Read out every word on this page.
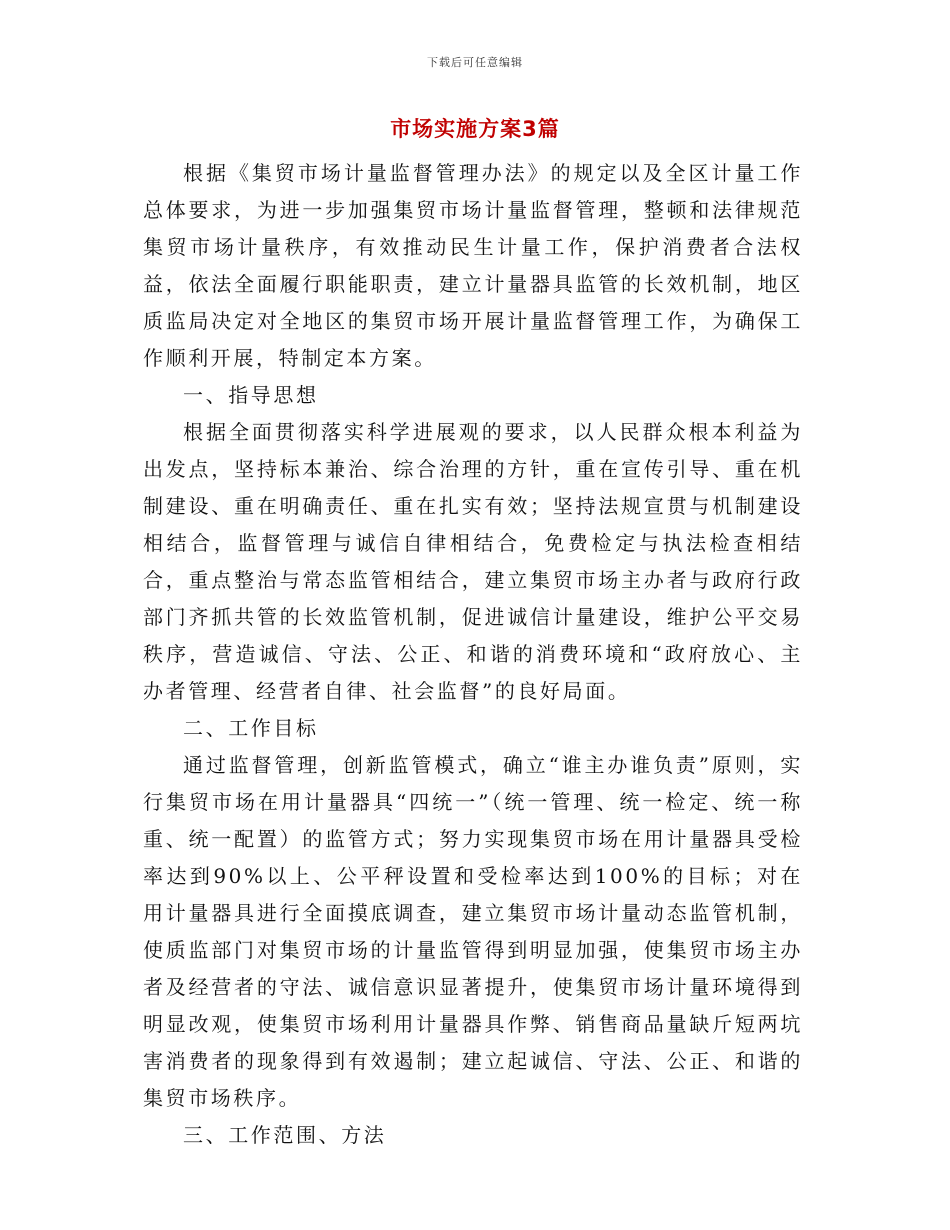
下载后可任意编辑
市场实施方案3篇

根据《集贸市场计量监督管理办法》的规定以及全区计量工作总体要求，为进一步加强集贸市场计量监督管理，整顿和法律规范集贸市场计量秩序，有效推动民生计量工作，保护消费者合法权益，依法全面履行职能职责，建立计量器具监管的长效机制，地区质监局决定对全地区的集贸市场开展计量监督管理工作，为确保工作顺利开展，特制定本方案。

一、指导思想

根据全面贯彻落实科学进展观的要求，以人民群众根本利益为出发点，坚持标本兼治、综合治理的方针，重在宣传引导、重在机制建设、重在明确责任、重在扎实有效；坚持法规宣贯与机制建设相结合，监督管理与诚信自律相结合，免费检定与执法检查相结合，重点整治与常态监管相结合，建立集贸市场主办者与政府行政部门齐抓共管的长效监管机制，促进诚信计量建设，维护公平交易秩序，营造诚信、守法、公正、和谐的消费环境和“政府放心、主办者管理、经营者自律、社会监督”的良好局面。

二、工作目标

通过监督管理，创新监管模式，确立“谁主办谁负责”原则，实行集贸市场在用计量器具“四统一”（统一管理、统一检定、统一称重、统一配置）的监管方式；努力实现集贸市场在用计量器具受检率达到90%以上、公平秤设置和受检率达到100%的目标；对在用计量器具进行全面摸底调查，建立集贸市场计量动态监管机制，使质监部门对集贸市场的计量监管得到明显加强，使集贸市场主办者及经营者的守法、诚信意识显著提升，使集贸市场计量环境得到明显改观，使集贸市场利用计量器具作弊、销售商品量缺斤短两坑害消费者的现象得到有效遏制；建立起诚信、守法、公正、和谐的集贸市场秩序。

三、工作范围、方法
